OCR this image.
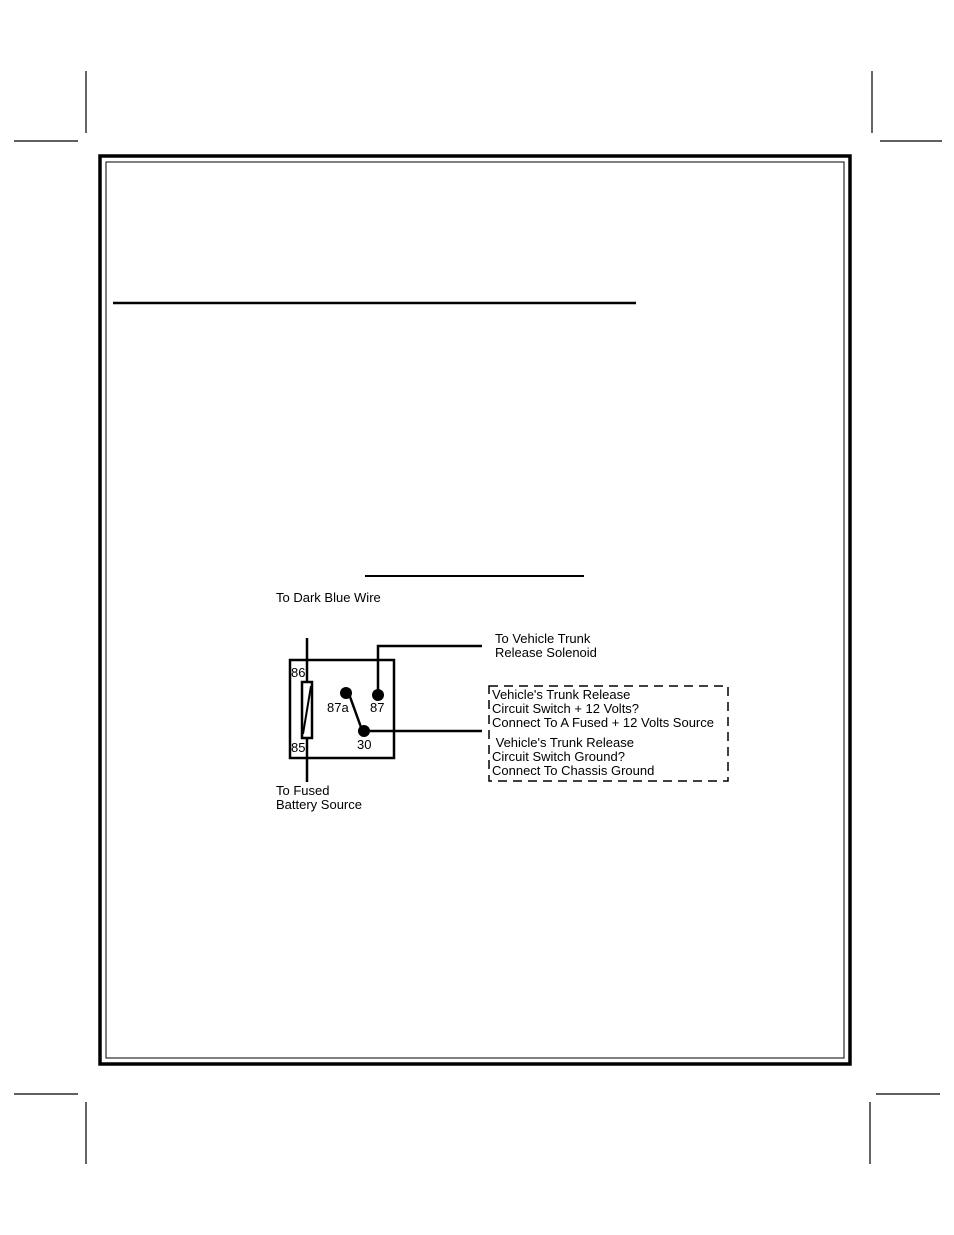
To Dark Blue Wire
To Vehicle Trunk
Release Solenoid
86
85
87a 87
30
To Fused
Battery Source
Vehicle's Trunk Release
Circuit Switch + 12 Volts?
Connect To A Fused + 12 Volts Source
Vehicle's Trunk Release
Circuit Switch Ground?
Connect To Chassis Ground
